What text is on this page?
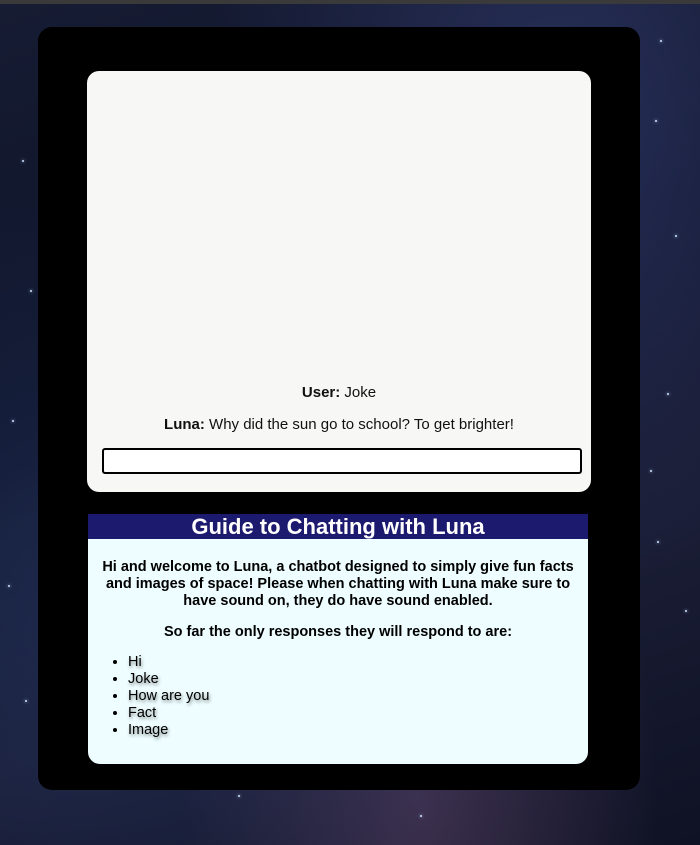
User: Joke
Luna: Why did the sun go to school? To get brighter!
Guide to Chatting with Luna
Hi and welcome to Luna, a chatbot designed to simply give fun facts and images of space! Please when chatting with Luna make sure to have sound on, they do have sound enabled.
So far the only responses they will respond to are:
• Hi
• Joke
• How are you
• Fact
• Image
